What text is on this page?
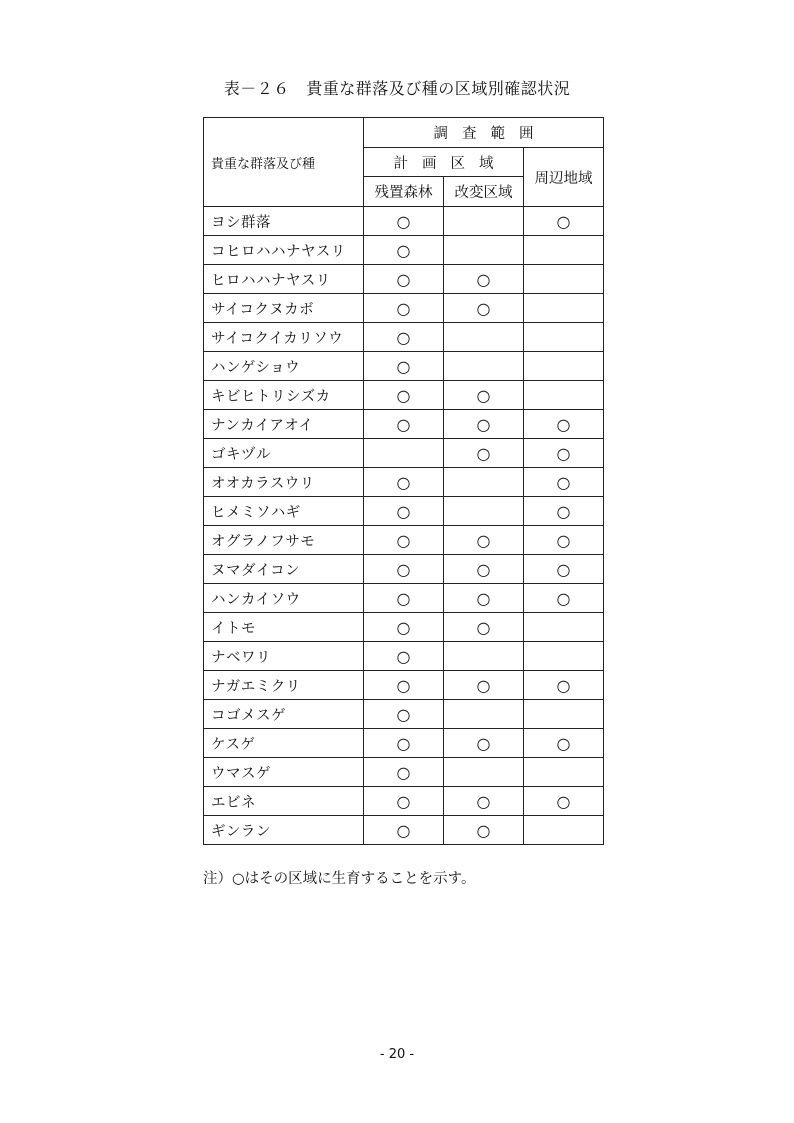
表－２６　貴重な群落及び種の区域別確認状況
貴重な群落及び種	調査範囲		
	計画区域		周辺地域
	残置森林	改変区域	
ヨシ群落	○		○
コヒロハハナヤスリ	○		
ヒロハハナヤスリ	○	○	
サイコクヌカボ	○	○	
サイコクイカリソウ	○		
ハンゲショウ	○		
キビヒトリシズカ	○	○	
ナンカイアオイ	○	○	○
ゴキヅル		○	○
オオカラスウリ	○		○
ヒメミソハギ	○		○
オグラノフサモ	○	○	○
ヌマダイコン	○	○	○
ハンカイソウ	○	○	○
イトモ	○	○	
ナベワリ	○		
ナガエミクリ	○	○	○
コゴメスゲ	○		
ケスゲ	○	○	○
ウマスゲ	○		
エビネ	○	○	○
ギンラン	○	○	
注）○はその区域に生育することを示す。
- 20 -
